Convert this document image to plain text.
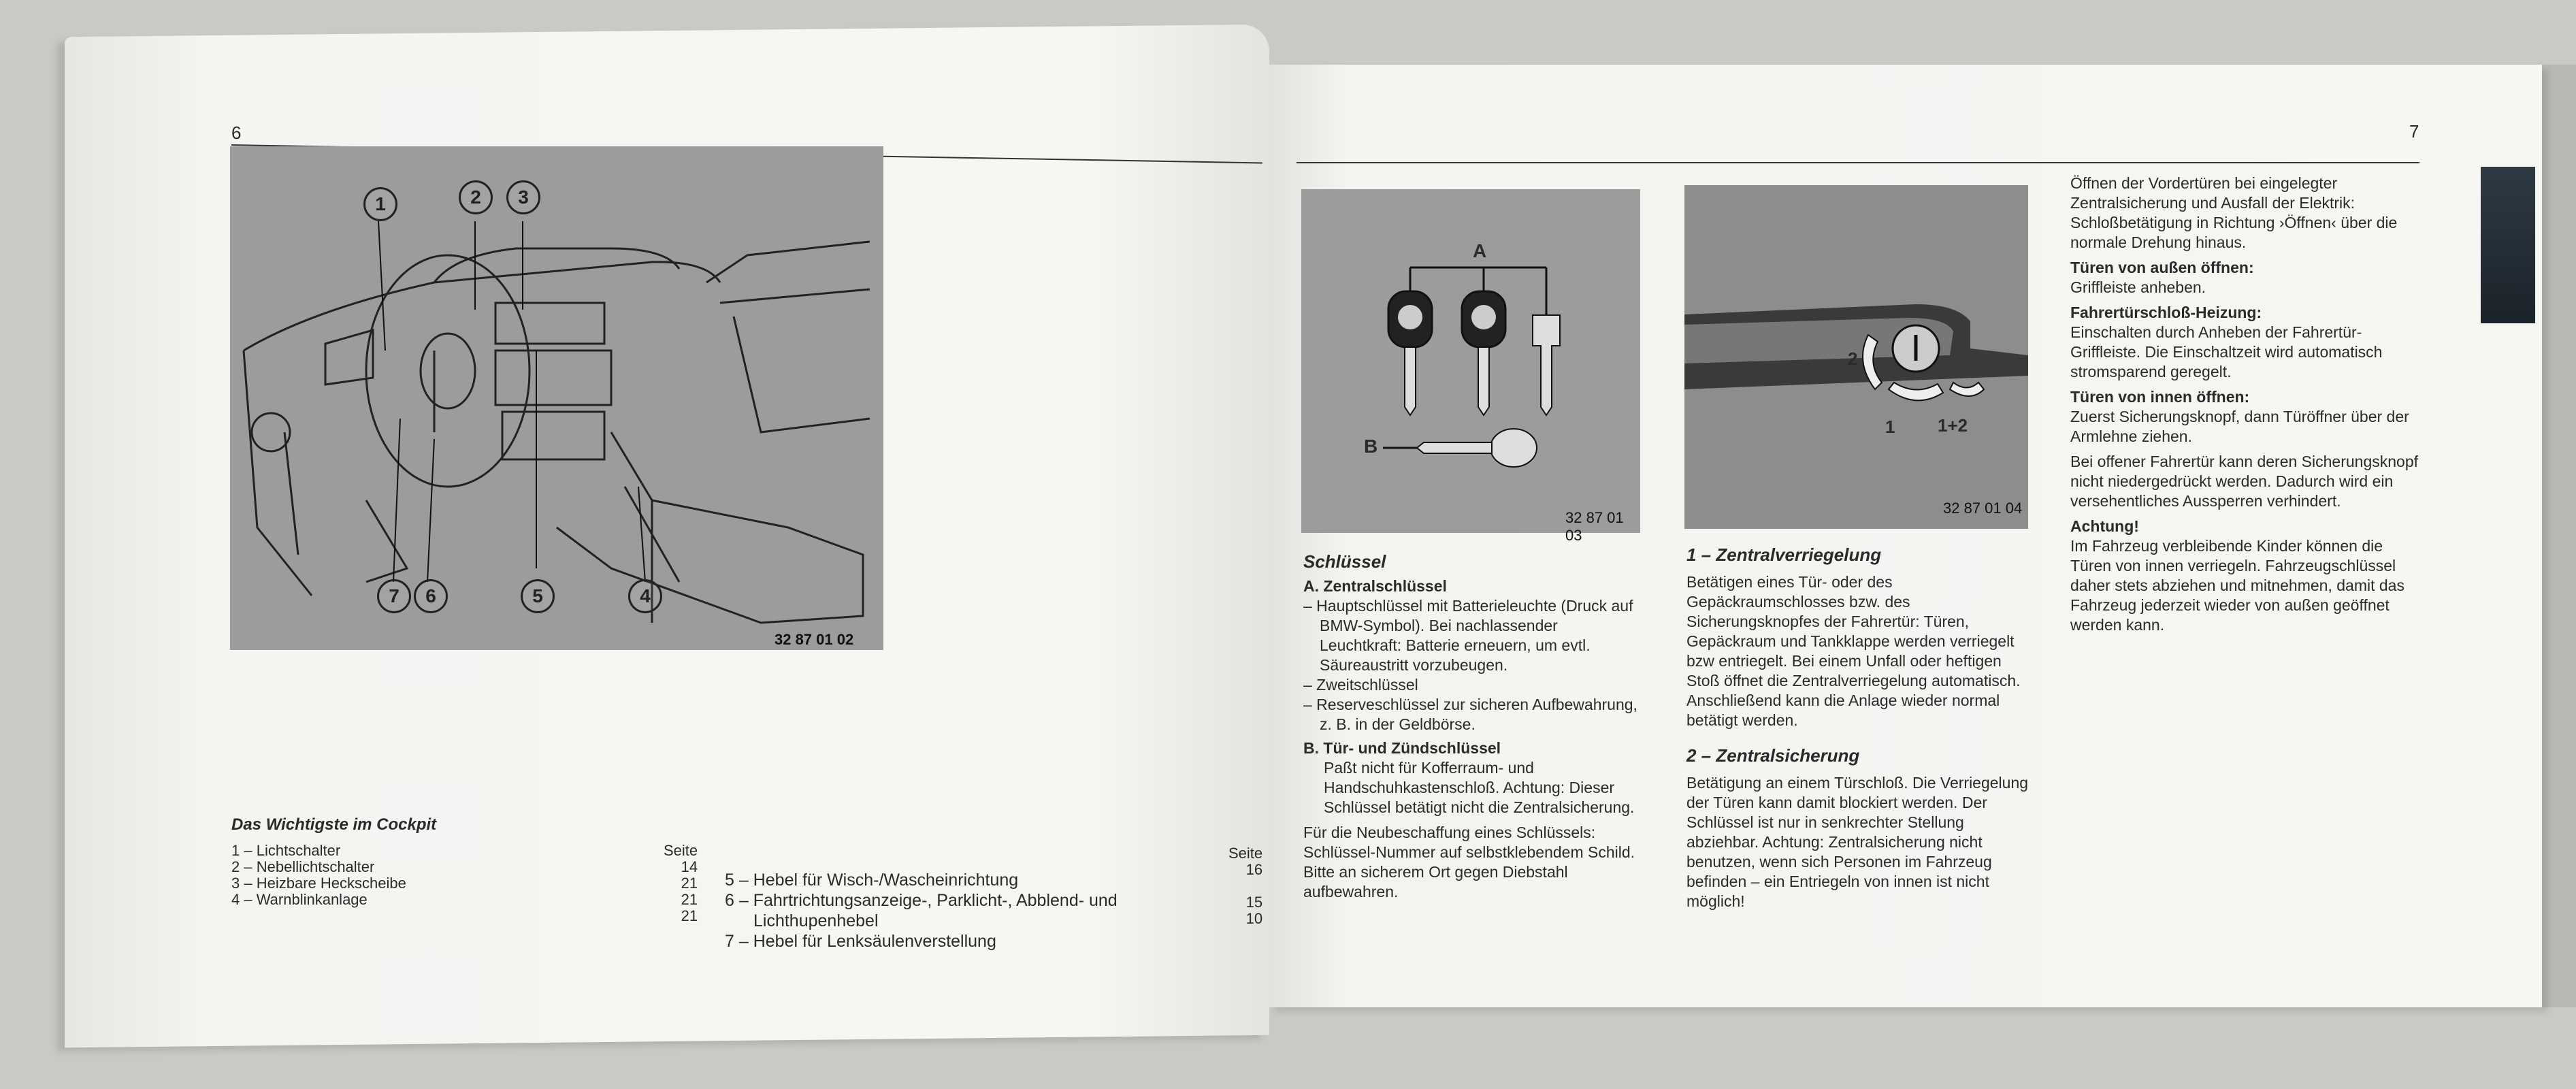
6
1	2	3
4
5
6
7
32 87 01 02
Das Wichtigste im Cockpit
1 – Lichtschalter
2 – Nebellichtschalter
3 – Heizbare Heckscheibe
4 – Warnblinkanlage
Seite
14
21
21
21
5 – Hebel für Wisch-/Wascheinrichtung
6 – Fahrtrichtungsanzeige-, Parklicht-, Abblend- und Lichthupenhebel
7 – Hebel für Lenksäulenverstellung
Seite
16
15
10
7
A
B
32 87 01 03
2
1 1+2
32 87 01 04
Schlüssel
A. Zentralschlüssel
– Hauptschlüssel mit Batterieleuchte (Druck auf BMW-Symbol). Bei nachlassender Leuchtkraft: Batterie erneuern, um evtl. Säureaustritt vorzubeugen.
– Zweitschlüssel
– Reserveschlüssel zur sicheren Aufbewahrung, z. B. in der Geldbörse.
B. Tür- und Zündschlüssel
Paßt nicht für Kofferraum- und Handschuhkastenschloß. Achtung: Dieser Schlüssel betätigt nicht die Zentralsicherung.
Für die Neubeschaffung eines Schlüssels: Schlüssel-Nummer auf selbstklebendem Schild. Bitte an sicherem Ort gegen Diebstahl aufbewahren.
1 – Zentralverriegelung
Betätigen eines Tür- oder des Gepäckraumschlosses bzw. des Sicherungsknopfes der Fahrertür: Türen, Gepäckraum und Tankklappe werden verriegelt bzw entriegelt. Bei einem Unfall oder heftigen Stoß öffnet die Zentralverriegelung automatisch. Anschließend kann die Anlage wieder normal betätigt werden.
2 – Zentralsicherung
Betätigung an einem Türschloß. Die Verriegelung der Türen kann damit blockiert werden. Der Schlüssel ist nur in senkrechter Stellung abziehbar. Achtung: Zentralsicherung nicht benutzen, wenn sich Personen im Fahrzeug befinden – ein Entriegeln von innen ist nicht möglich!
Öffnen der Vordertüren bei eingelegter Zentralsicherung und Ausfall der Elektrik: Schloßbetätigung in Richtung ›Öffnen‹ über die normale Drehung hinaus.
Türen von außen öffnen:
Griffleiste anheben.
Fahrertürschloß-Heizung:
Einschalten durch Anheben der Fahrertür-Griffleiste. Die Einschaltzeit wird automatisch stromsparend geregelt.
Türen von innen öffnen:
Zuerst Sicherungsknopf, dann Türöffner über der Armlehne ziehen.
Bei offener Fahrertür kann deren Sicherungsknopf nicht niedergedrückt werden. Dadurch wird ein versehentliches Aussperren verhindert.
Achtung!
Im Fahrzeug verbleibende Kinder können die Türen von innen verriegeln. Fahrzeugschlüssel daher stets abziehen und mitnehmen, damit das Fahrzeug jederzeit wieder von außen geöffnet werden kann.
